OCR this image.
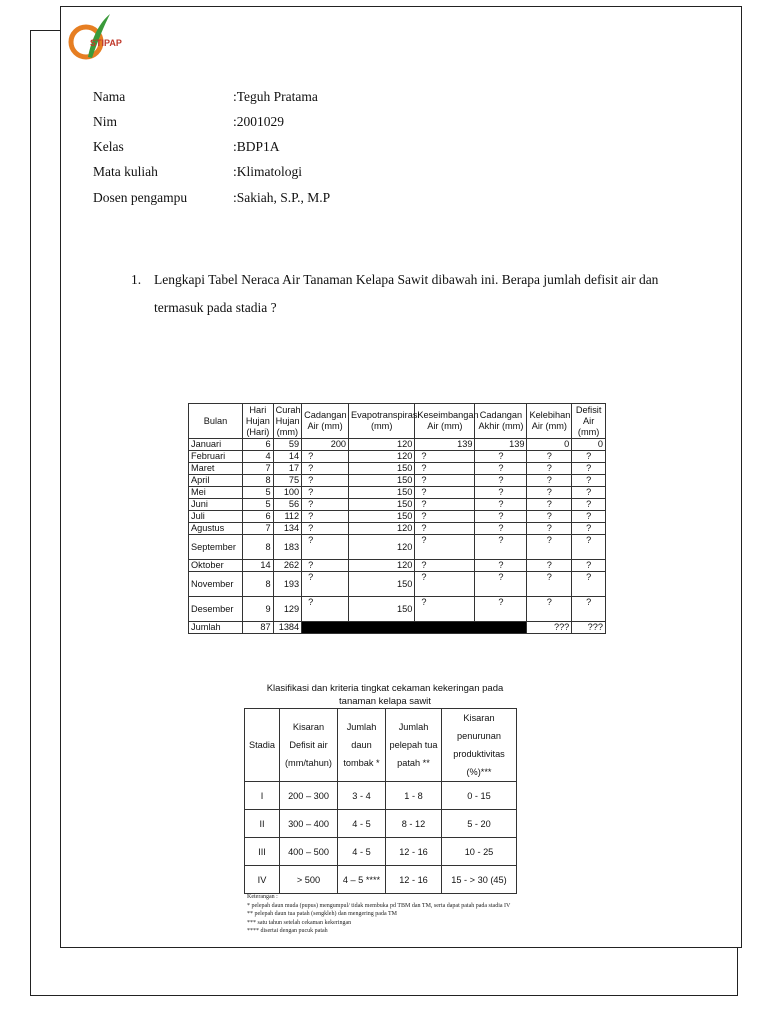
STIPAP
Nama	:Teguh Pratama
Nim	:2001029
Kelas	:BDP1A
Mata kuliah	:Klimatologi
Dosen pengampu	:Sakiah, S.P., M.P
1. Lengkapi Tabel Neraca Air Tanaman Kelapa Sawit dibawah ini. Berapa jumlah defisit air dan
termasuk pada stadia ?
Bulan	Hari Hujan (Hari)	Curah Hujan (mm)	Cadangan Air (mm)	Evapotranspirasi (mm)	Keseimbangan Air (mm)	Cadangan Akhir (mm)	Kelebihan Air (mm)	Defisit Air (mm)
Januari	6	59	200	120	139	139	0	0
Februari	4	14	?	120	?	?	?	?
Maret	7	17	?	150	?	?	?	?
April	8	75	?	150	?	?	?	?
Mei	5	100	?	150	?	?	?	?
Juni	5	56	?	150	?	?	?	?
Juli	6	112	?	150	?	?	?	?
Agustus	7	134	?	120	?	?	?	?
September	8	183	?	120	?	?	?	?
Oktober	14	262	?	120	?	?	?	?
November	8	193	?	150	?	?	?	?
Desember	9	129	?	150	?	?	?	?
Jumlah	87	1384					???	???
Klasifikasi dan kriteria tingkat cekaman kekeringan pada
tanaman kelapa sawit
Stadia	Kisaran Defisit air (mm/tahun)	Jumlah daun tombak *	Jumlah pelepah tua patah **	Kisaran penurunan produktivitas (%)***
I	200 – 300	3 - 4	1 - 8	0 - 15
II	300 – 400	4 - 5	8 - 12	5 - 20
III	400 – 500	4 - 5	12 - 16	10 - 25
IV	> 500	4 – 5 ****	12 - 16	15 - > 30 (45)
Keterangan :
* pelepah daun muda (pupus) mengumpul/ tidak membuka pd TBM dan TM, serta dapat patah pada stadia IV
** pelepah daun tua patah (sengkleh) dan mengering pada TM
*** satu tahun setelah cekaman kekeringan
**** disertai dengan pucuk patah
